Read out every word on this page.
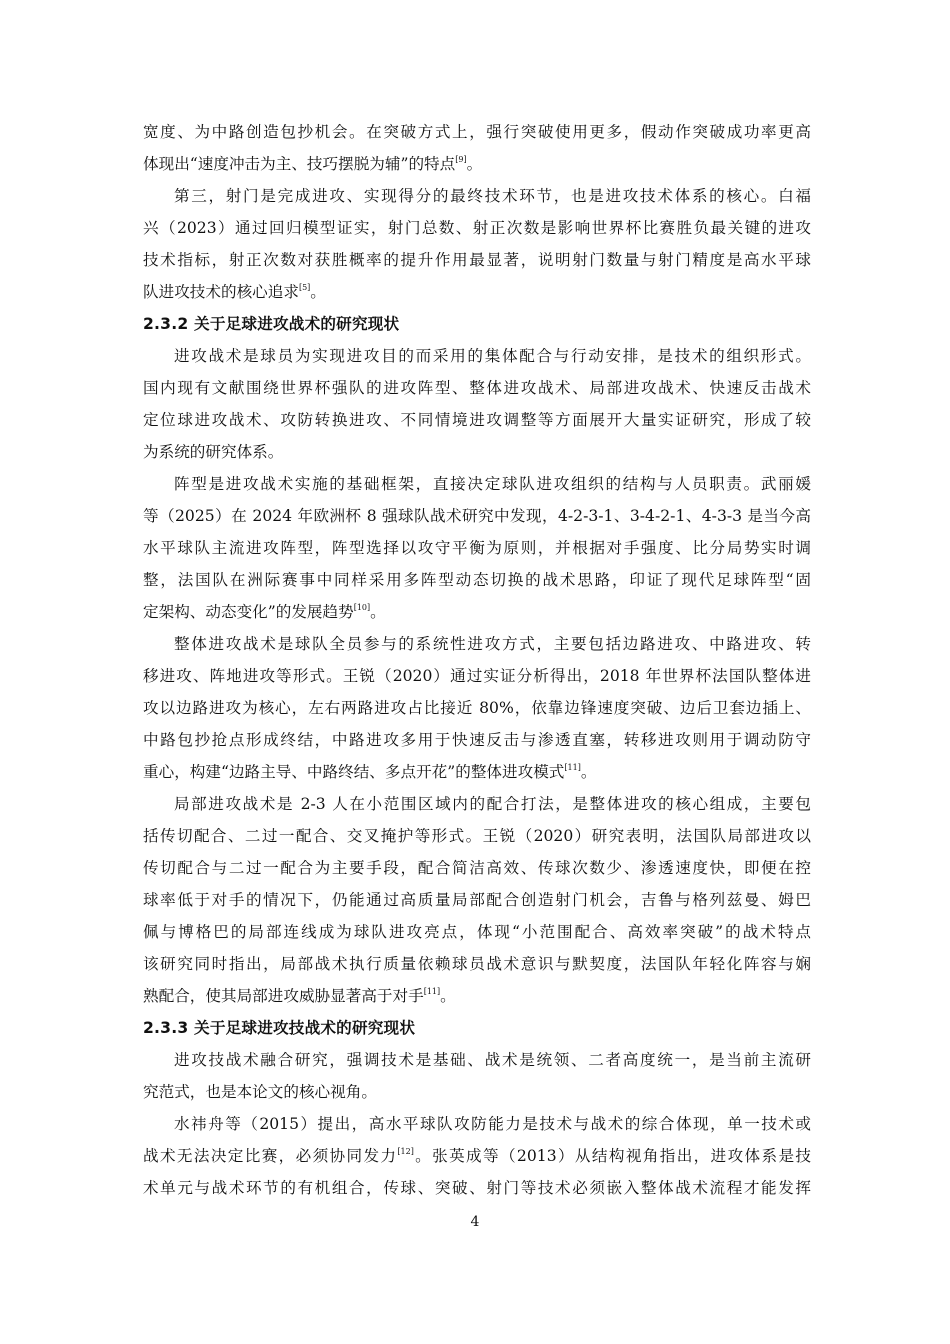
宽度、为中路创造包抄机会。在突破方式上，强行突破使用更多，假动作突破成功率更高
体现出“速度冲击为主、技巧摆脱为辅”的特点[9]。
第三，射门是完成进攻、实现得分的最终技术环节，也是进攻技术体系的核心。白福
兴（2023）通过回归模型证实，射门总数、射正次数是影响世界杯比赛胜负最关键的进攻
技术指标，射正次数对获胜概率的提升作用最显著，说明射门数量与射门精度是高水平球
队进攻技术的核心追求[5]。
2.3.2 关于足球进攻战术的研究现状
进攻战术是球员为实现进攻目的而采用的集体配合与行动安排，是技术的组织形式。
国内现有文献围绕世界杯强队的进攻阵型、整体进攻战术、局部进攻战术、快速反击战术
定位球进攻战术、攻防转换进攻、不同情境进攻调整等方面展开大量实证研究，形成了较
为系统的研究体系。
阵型是进攻战术实施的基础框架，直接决定球队进攻组织的结构与人员职责。武丽媛
等（2025）在 2024 年欧洲杯 8 强球队战术研究中发现，4-2-3-1、3-4-2-1、4-3-3 是当今高
水平球队主流进攻阵型，阵型选择以攻守平衡为原则，并根据对手强度、比分局势实时调
整，法国队在洲际赛事中同样采用多阵型动态切换的战术思路，印证了现代足球阵型“固
定架构、动态变化”的发展趋势[10]。
整体进攻战术是球队全员参与的系统性进攻方式，主要包括边路进攻、中路进攻、转
移进攻、阵地进攻等形式。王锐（2020）通过实证分析得出，2018 年世界杯法国队整体进
攻以边路进攻为核心，左右两路进攻占比接近 80%，依靠边锋速度突破、边后卫套边插上、
中路包抄抢点形成终结，中路进攻多用于快速反击与渗透直塞，转移进攻则用于调动防守
重心，构建“边路主导、中路终结、多点开花”的整体进攻模式[11]。
局部进攻战术是 2-3 人在小范围区域内的配合打法，是整体进攻的核心组成，主要包
括传切配合、二过一配合、交叉掩护等形式。王锐（2020）研究表明，法国队局部进攻以
传切配合与二过一配合为主要手段，配合简洁高效、传球次数少、渗透速度快，即便在控
球率低于对手的情况下，仍能通过高质量局部配合创造射门机会，吉鲁与格列兹曼、姆巴
佩与博格巴的局部连线成为球队进攻亮点，体现“小范围配合、高效率突破”的战术特点
该研究同时指出，局部战术执行质量依赖球员战术意识与默契度，法国队年轻化阵容与娴
熟配合，使其局部进攻威胁显著高于对手[11]。
2.3.3 关于足球进攻技战术的研究现状
进攻技战术融合研究，强调技术是基础、战术是统领、二者高度统一，是当前主流研
究范式，也是本论文的核心视角。
水祎舟等（2015）提出，高水平球队攻防能力是技术与战术的综合体现，单一技术或
战术无法决定比赛，必须协同发力[12]。张英成等（2013）从结构视角指出，进攻体系是技
术单元与战术环节的有机组合，传球、突破、射门等技术必须嵌入整体战术流程才能发挥
4
